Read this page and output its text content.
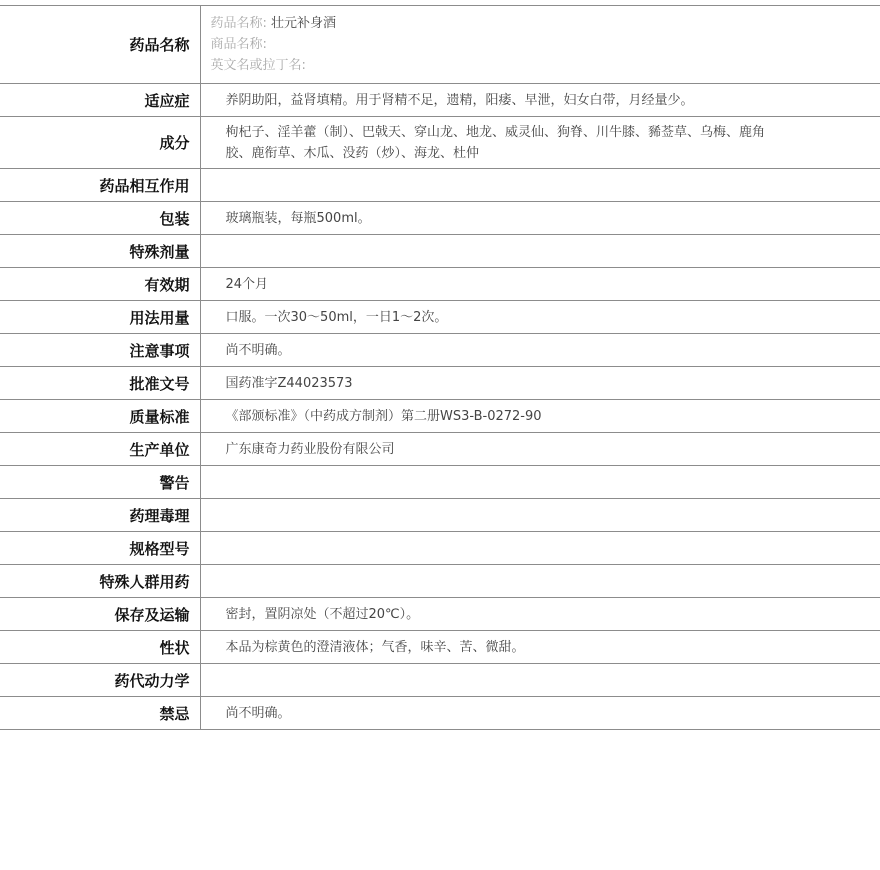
药品名称	药品名称: 壮元补身酒
商品名称:
英文名或拉丁名:

适应症	养阴助阳，益肾填精。用于肾精不足，遗精，阳痿、早泄，妇女白带，月经量少。
成分	枸杞子、淫羊藿（制）、巴戟天、穿山龙、地龙、威灵仙、狗脊、川牛膝、豨莶草、乌梅、鹿角胶、鹿衔草、木瓜、没药（炒）、海龙、杜仲
药品相互作用	
包装	玻璃瓶装，每瓶500ml。
特殊剂量	
有效期	24个月
用法用量	口服。一次30～50ml，一日1～2次。
注意事项	尚不明确。
批准文号	国药准字Z44023573
质量标准	《部颁标准》（中药成方制剂）第二册WS3-B-0272-90
生产单位	广东康奇力药业股份有限公司
警告	
药理毒理	
规格型号	
特殊人群用药	
保存及运输	密封，置阴凉处（不超过20℃）。
性状	本品为棕黄色的澄清液体；气香，味辛、苦、微甜。
药代动力学	
禁忌	尚不明确。
